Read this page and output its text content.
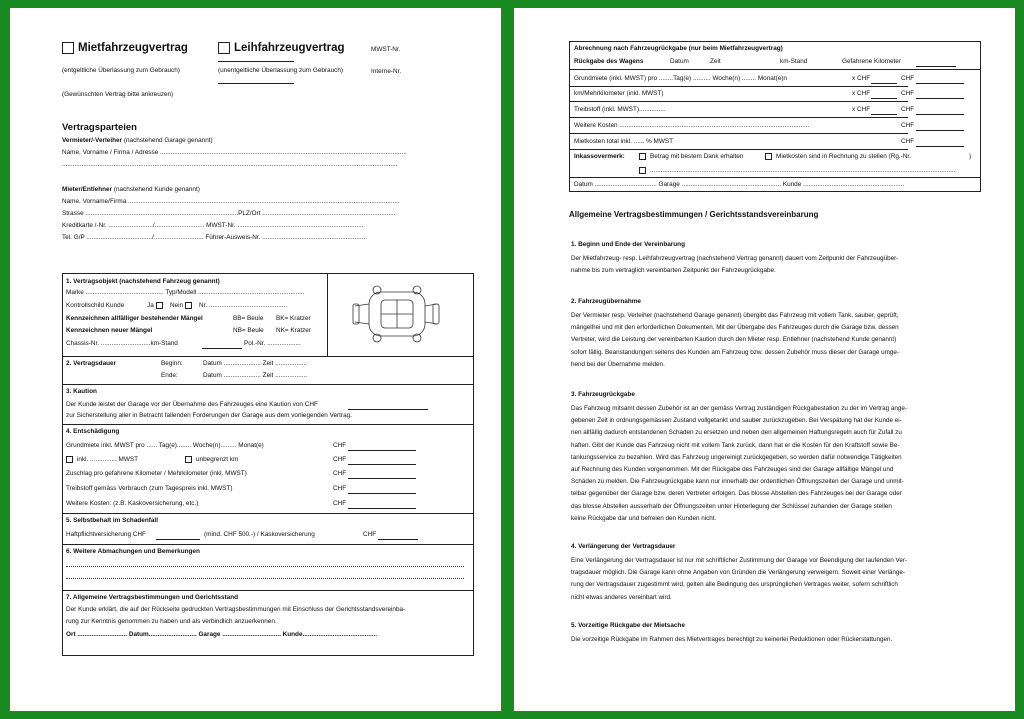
Mietfahrzeugvertrag	Leihfahrzeugvertrag	MWST-Nr.
(entgeltliche Überlassung zum Gebrauch)	(unentgeltliche Überlassung zum Gebrauch)	Interne-Nr.
(Gewünschten Vertrag bitte ankreuzen)
Vertragsparteien
Vermieter/-Verleiher (nachstehend Garage genannt)
Name, Vorname / Firma / Adresse ...........................................................................................................................................
.............................................................................................................................................................................................
Mieter/Entlehner (nachstehend Kunde genannt)
Name, Vorname/Firma .........................................................................................................................................................
Strasse ......................................................................................PLZ/Ort ...........................................................................
Kreditkarte /-Nr. ........................./............................ MWST-Nr. .......................................................................
Tel. G/P ...................................../............................ Führer-Ausweis-Nr. ...........................................................
1. Vertragsobjekt (nachstehend Fahrzeug genannt)
Marke ............................................ Typ/Modell ............................................................
Kontrollschild Kunde	Ja	Nein Nr. ............................................
Kennzeichnen allfälliger bestehender Mängel	BB= Beule BK= Kratzer
Kennzeichnen neuer Mängel	NB= Beule NK= Kratzer
Chassis-Nr. ............................km-Stand	Pol.-Nr. ...................
2. Vertragsdauer	Beginn:	Datum ..................... Zeit ..................
Ende:	Datum ..................... Zeit ..................
3. Kaution
Der Kunde leistet der Garage vor der Übernahme des Fahrzeuges eine Kaution von CHF
zur Sicherstellung aller in Betracht fallenden Forderungen der Garage aus dem vorliegenden Vertrag.
4. Entschädigung
Grundmiete inkl. MWST pro ...... Tag(e)........ Woche(n)......... Monat(e)	CHF
inkl. ............... MWST	unbegrenzt km	CHF
Zuschlag pro gefahrene Kilometer / Mehrkilometer (inkl. MWST)	CHF
Treibstoff gemäss Verbrauch (zum Tagespreis inkl. MWST)	CHF
Weitere Kosten: (z.B. Kaskoversicherung, etc.)	CHF
5. Selbstbehalt im Schadenfall
Haftpflichtversicherung CHF	(mind. CHF 500.-) / Kaskoversicherung	CHF
6. Weitere Abmachungen und Bemerkungen
7. Allgemeine Vertragsbestimmungen und Gerichtsstand
Der Kunde erklärt, die auf der Rückseite gedruckten Vertragsbestimmungen mit Einschluss der Gerichtsstandsvereinba-
rung zur Kenntnis genommen zu haben und als verbindlich anzuerkennen.
Ort ............................ Datum........................... Garage ................................. Kunde..........................................
Abrechnung nach Fahrzeugrückgabe (nur beim Mietfahrzeugvertrag)
Rückgabe des Wagens	Datum	Zeit	km-Stand	Gefahrene Kilometer
Grundmiete (inkl. MWST) pro ........Tag(e) .......... Woche(n) ........ Monat(e)n	x CHF	CHF
km/Mehrkilometer (inkl. MWST)	x CHF	CHF
Treibstoff (inkl. MWST)...............	x CHF	CHF
Weitere Kosten ...........................................................................................................	CHF
Mietkosten total inkl. ...... % MWST	CHF
Inkassovermerk:	Betrag mit bestem Dank erhalten	Mietkosten sind in Rechnung zu stellen (Rg.-Nr.	)
............................................................................................................................................................................
Datum ................................... Garage ........................................................ Kunde .........................................................
Allgemeine Vertragsbestimmungen / Gerichtsstandsvereinbarung
1. Beginn und Ende der Vereinbarung
Der Mietfahrzeug- resp. Leihfahrzeugvertrag (nachstehend Vertrag genannt) dauert vom Zeitpunkt der Fahrzeugüber-
nahme bis zum vertraglich vereinbarten Zeitpunkt der Fahrzeugrückgabe.
2. Fahrzeugübernahme
Der Vermieter resp. Verleiher (nachstehend Garage genannt) übergibt das Fahrzeug mit vollem Tank, sauber, geprüft,
mängelfrei und mit den erforderlichen Dokumenten. Mit der Übergabe des Fahrzeuges durch die Garage bzw. dessen
Vertreter, wird die Leistung der vereinbarten Kaution durch den Mieter resp. Entlehner (nachstehend Kunde genannt)
sofort fällig. Beanstandungen seitens des Kunden am Fahrzeug bzw. dessen Zubehör muss dieser der Garage umge-
hend bei der Übernahme melden.
3. Fahrzeugrückgabe
Das Fahrzeug mitsamt dessen Zubehör ist an der gemäss Vertrag zuständigen Rückgabestation zu der im Vertrag ange-
gebenen Zeit in ordnungsgemässen Zustand vollgetankt und sauber zurückzugeben. Bei Verspätung hat der Kunde ei-
nen allfällig dadurch entstandenen Schaden zu ersetzen und neben den allgemeinen Haftungsregeln auch für Zufall zu
haften. Gibt der Kunde das Fahrzeug nicht mit vollem Tank zurück, dann hat er die Kosten für den Kraftstoff sowie Be-
tankungsservice zu bezahlen. Wird das Fahrzeug ungereinigt zurückgegeben, so werden dafür notwendige Tätigkeiten
auf Rechnung des Kunden vorgenommen. Mit der Rückgabe des Fahrzeuges sind der Garage allfällige Mängel und
Schäden zu melden. Die Fahrzeugrückgabe kann nur innerhalb der ordentlichen Öffnungszeiten der Garage und unmit-
telbar gegenüber der Garage bzw. deren Vertreter erfolgen. Das blosse Abstellen des Fahrzeuges bei der Garage oder
das blosse Abstellen ausserhalb der Öffnungszeiten unter Hinterlegung der Schlüssel zuhanden der Garage stellen
keine Rückgabe dar und befreien den Kunden nicht.
4. Verlängerung der Vertragsdauer
Eine Verlängerung der Vertragsdauer ist nur mit schriftlicher Zustimmung der Garage vor Beendigung der laufenden Ver-
tragsdauer möglich. Die Garage kann ohne Angaben von Gründen die Verlängerung verweigern. Soweit einer Verlänge-
rung der Vertragsdauer zugestimmt wird, gelten alle Bedingung des ursprünglichen Vertrages weiter, sofern schriftlich
nicht etwas anderes vereinbart wird.
5. Vorzeitige Rückgabe der Mietsache
Die vorzeitige Rückgabe im Rahmen des Mietvertrages berechtigt zu keinerlei Reduktionen oder Rückerstattungen.
